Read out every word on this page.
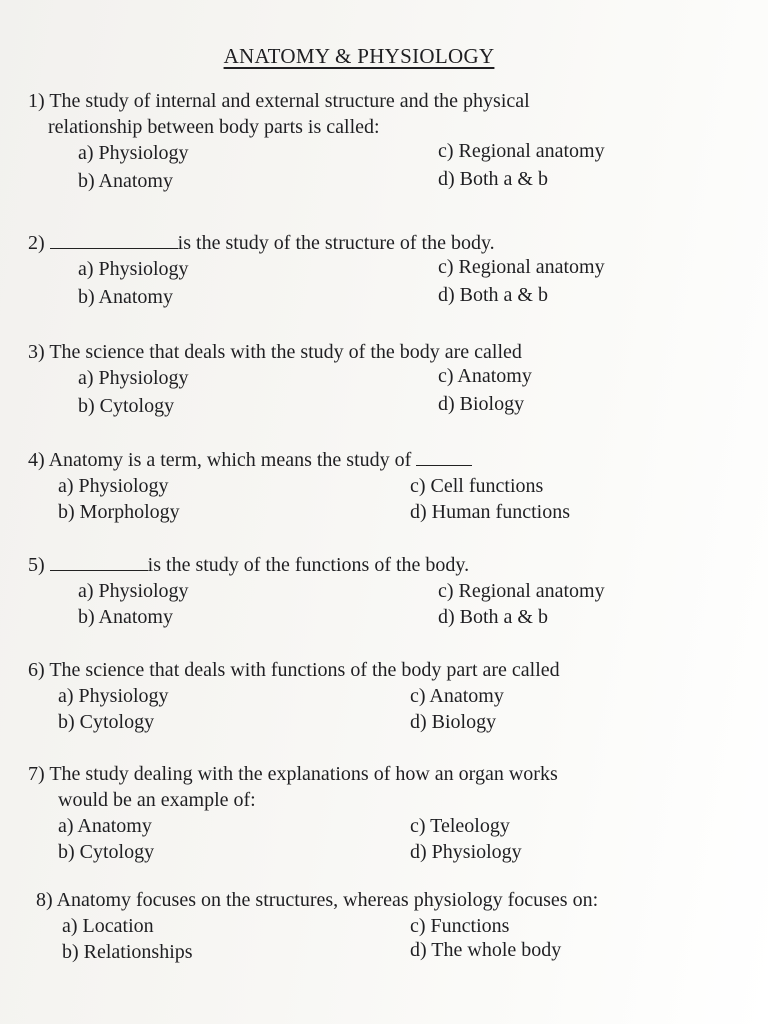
ANATOMY & PHYSIOLOGY

1) The study of internal and external structure and the physical
relationship between body parts is called:

a) Physiology
b) Anatomy
c) Regional anatomy
d) Both a & b

2)	is the study of the structure of the body.

a) Physiology
b) Anatomy
c) Regional anatomy
d) Both a & b

3) The science that deals with the study of the body are called

a) Physiology
b) Cytology
c) Anatomy
d) Biology

4) Anatomy is a term, which means the study of

a) Physiology
b) Morphology
c) Cell functions
d) Human functions

5)	is the study of the functions of the body.

a) Physiology
b) Anatomy
c) Regional anatomy
d) Both a & b

6) The science that deals with functions of the body part are called

a) Physiology
b) Cytology
c) Anatomy
d) Biology

7) The study dealing with the explanations of how an organ works
would be an example of:

a) Anatomy
b) Cytology
c) Teleology
d) Physiology

8) Anatomy focuses on the structures, whereas physiology focuses on:

a) Location
b) Relationships
c) Functions
d) The whole body
